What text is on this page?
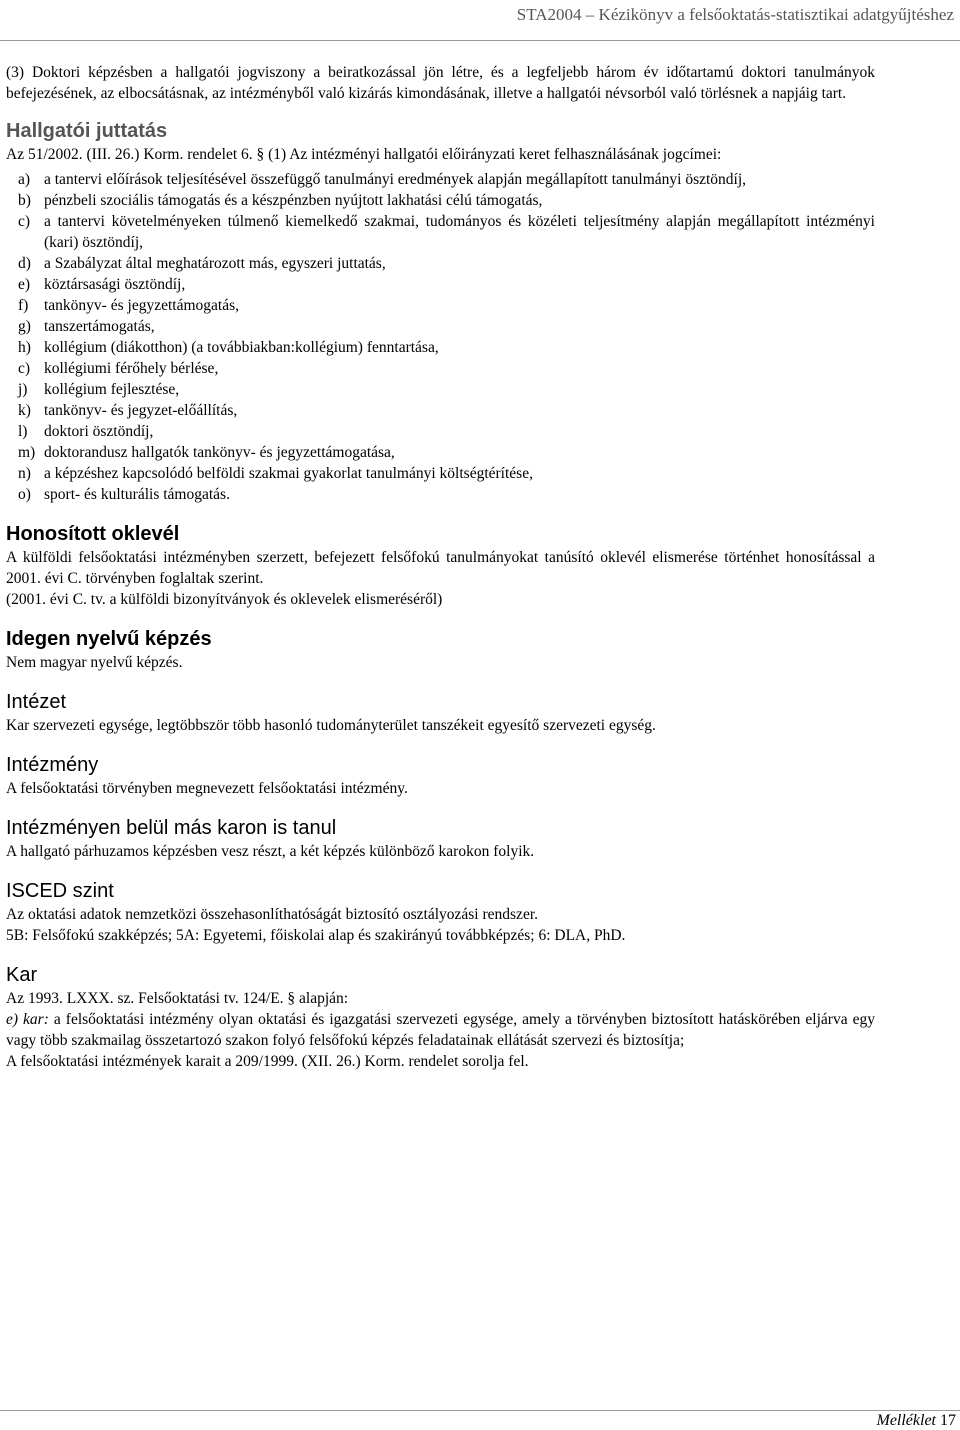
STA2004 – Kézikönyv a felsőoktatás-statisztikai adatgyűjtéshez

(3) Doktori képzésben a hallgatói jogviszony a beiratkozással jön létre, és a legfeljebb három év időtartamú doktori tanulmányok befejezésének, az elbocsátásnak, az intézményből való kizárás kimondásának, illetve a hallgatói névsorból való törlésnek a napjáig tart.

Hallgatói juttatás

Az 51/2002. (III. 26.) Korm. rendelet 6. § (1) Az intézményi hallgatói előirányzati keret felhasználásának jogcímei:

a) a tantervi előírások teljesítésével összefüggő tanulmányi eredmények alapján megállapított tanulmányi ösztöndíj,
b) pénzbeli szociális támogatás és a készpénzben nyújtott lakhatási célú támogatás,
c) a tantervi követelményeken túlmenő kiemelkedő szakmai, tudományos és közéleti teljesítmény alapján megállapított intézményi (kari) ösztöndíj,
d) a Szabályzat által meghatározott más, egyszeri juttatás,
e) köztársasági ösztöndíj,
f) tankönyv- és jegyzettámogatás,
g) tanszertámogatás,
h) kollégium (diákotthon) (a továbbiakban:kollégium) fenntartása,
c) kollégiumi férőhely bérlése,
j) kollégium fejlesztése,
k) tankönyv- és jegyzet-előállítás,
l) doktori ösztöndíj,
m) doktorandusz hallgatók tankönyv- és jegyzettámogatása,
n) a képzéshez kapcsolódó belföldi szakmai gyakorlat tanulmányi költségtérítése,
o) sport- és kulturális támogatás.
Honosított oklevél

A külföldi felsőoktatási intézményben szerzett, befejezett felsőfokú tanulmányokat tanúsító oklevél elismerése történhet honosítással a 2001. évi C. törvényben foglaltak szerint.

(2001. évi C. tv. a külföldi bizonyítványok és oklevelek elismeréséről)

Idegen nyelvű képzés

Nem magyar nyelvű képzés.

Intézet

Kar szervezeti egysége, legtöbbször több hasonló tudományterület tanszékeit egyesítő szervezeti egység.

Intézmény

A felsőoktatási törvényben megnevezett felsőoktatási intézmény.

Intézményen belül más karon is tanul

A hallgató párhuzamos képzésben vesz részt, a két képzés különböző karokon folyik.

ISCED szint

Az oktatási adatok nemzetközi összehasonlíthatóságát biztosító osztályozási rendszer.

5B: Felsőfokú szakképzés; 5A: Egyetemi, főiskolai alap és szakirányú továbbképzés; 6: DLA, PhD.

Kar

Az 1993. LXXX. sz. Felsőoktatási tv. 124/E. § alapján:

e) kar: a felsőoktatási intézmény olyan oktatási és igazgatási szervezeti egysége, amely a törvényben biztosított hatáskörében eljárva egy vagy több szakmailag összetartozó szakon folyó felsőfokú képzés feladatainak ellátását szervezi és biztosítja;

A felsőoktatási intézmények karait a 209/1999. (XII. 26.) Korm. rendelet sorolja fel.

Melléklet 17
